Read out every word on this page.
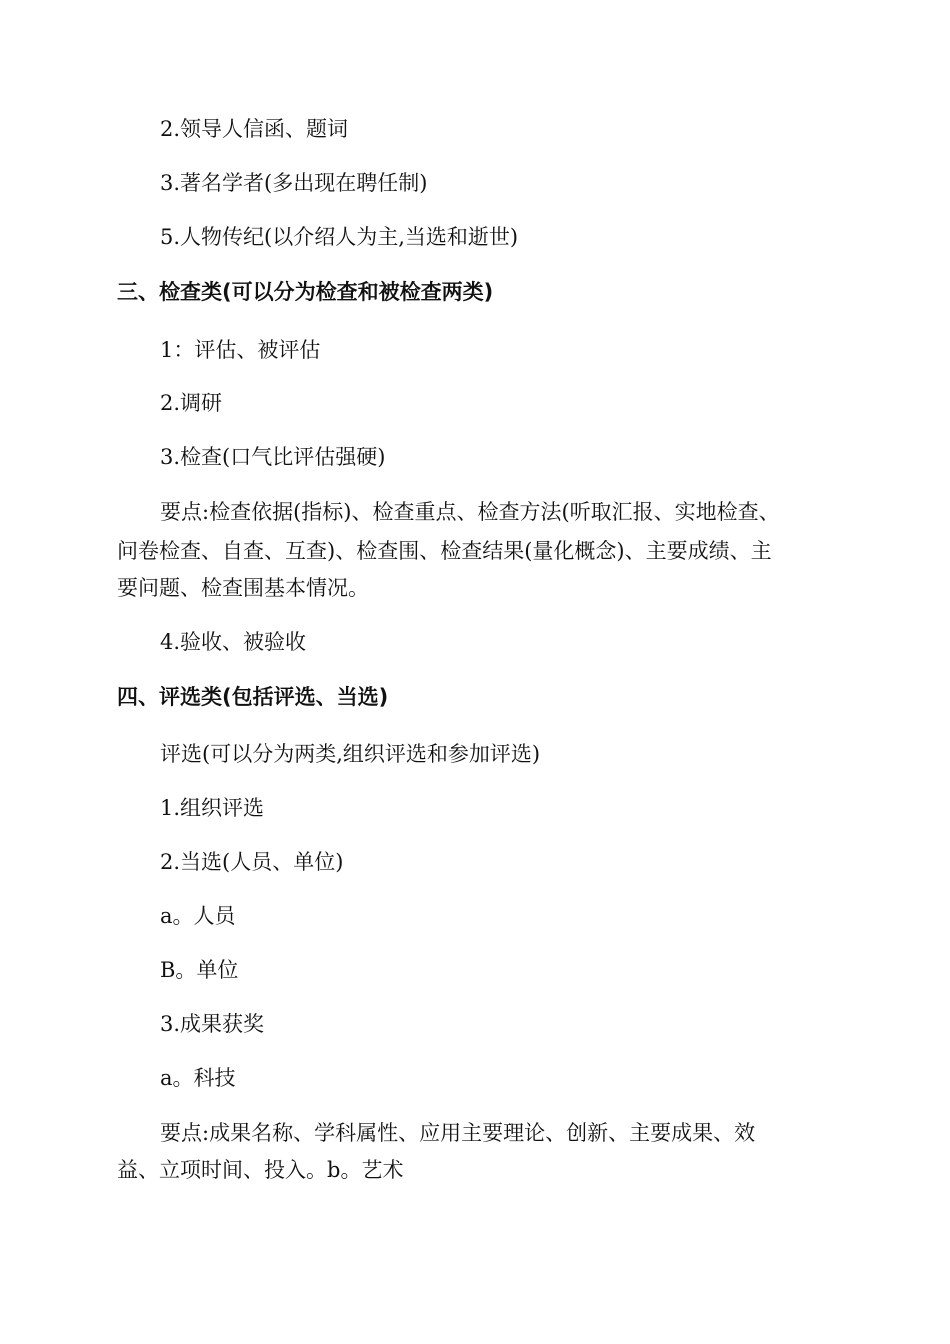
2.领导人信函、题词
3.著名学者(多出现在聘任制)
5.人物传纪(以介绍人为主,当选和逝世)
三、检查类(可以分为检查和被检查两类)
1：评估、被评估
2.调研
3.检查(口气比评估强硬)
要点:检查依据(指标)、检查重点、检查方法(听取汇报、实地检查、
问卷检查、自查、互查)、检查围、检查结果(量化概念)、主要成绩、主
要问题、检查围基本情况。
4.验收、被验收
四、评选类(包括评选、当选)
评选(可以分为两类,组织评选和参加评选)
1.组织评选
2.当选(人员、单位)
a。人员
B。单位
3.成果获奖
a。科技
要点:成果名称、学科属性、应用主要理论、创新、主要成果、效
益、立项时间、投入。b。艺术
